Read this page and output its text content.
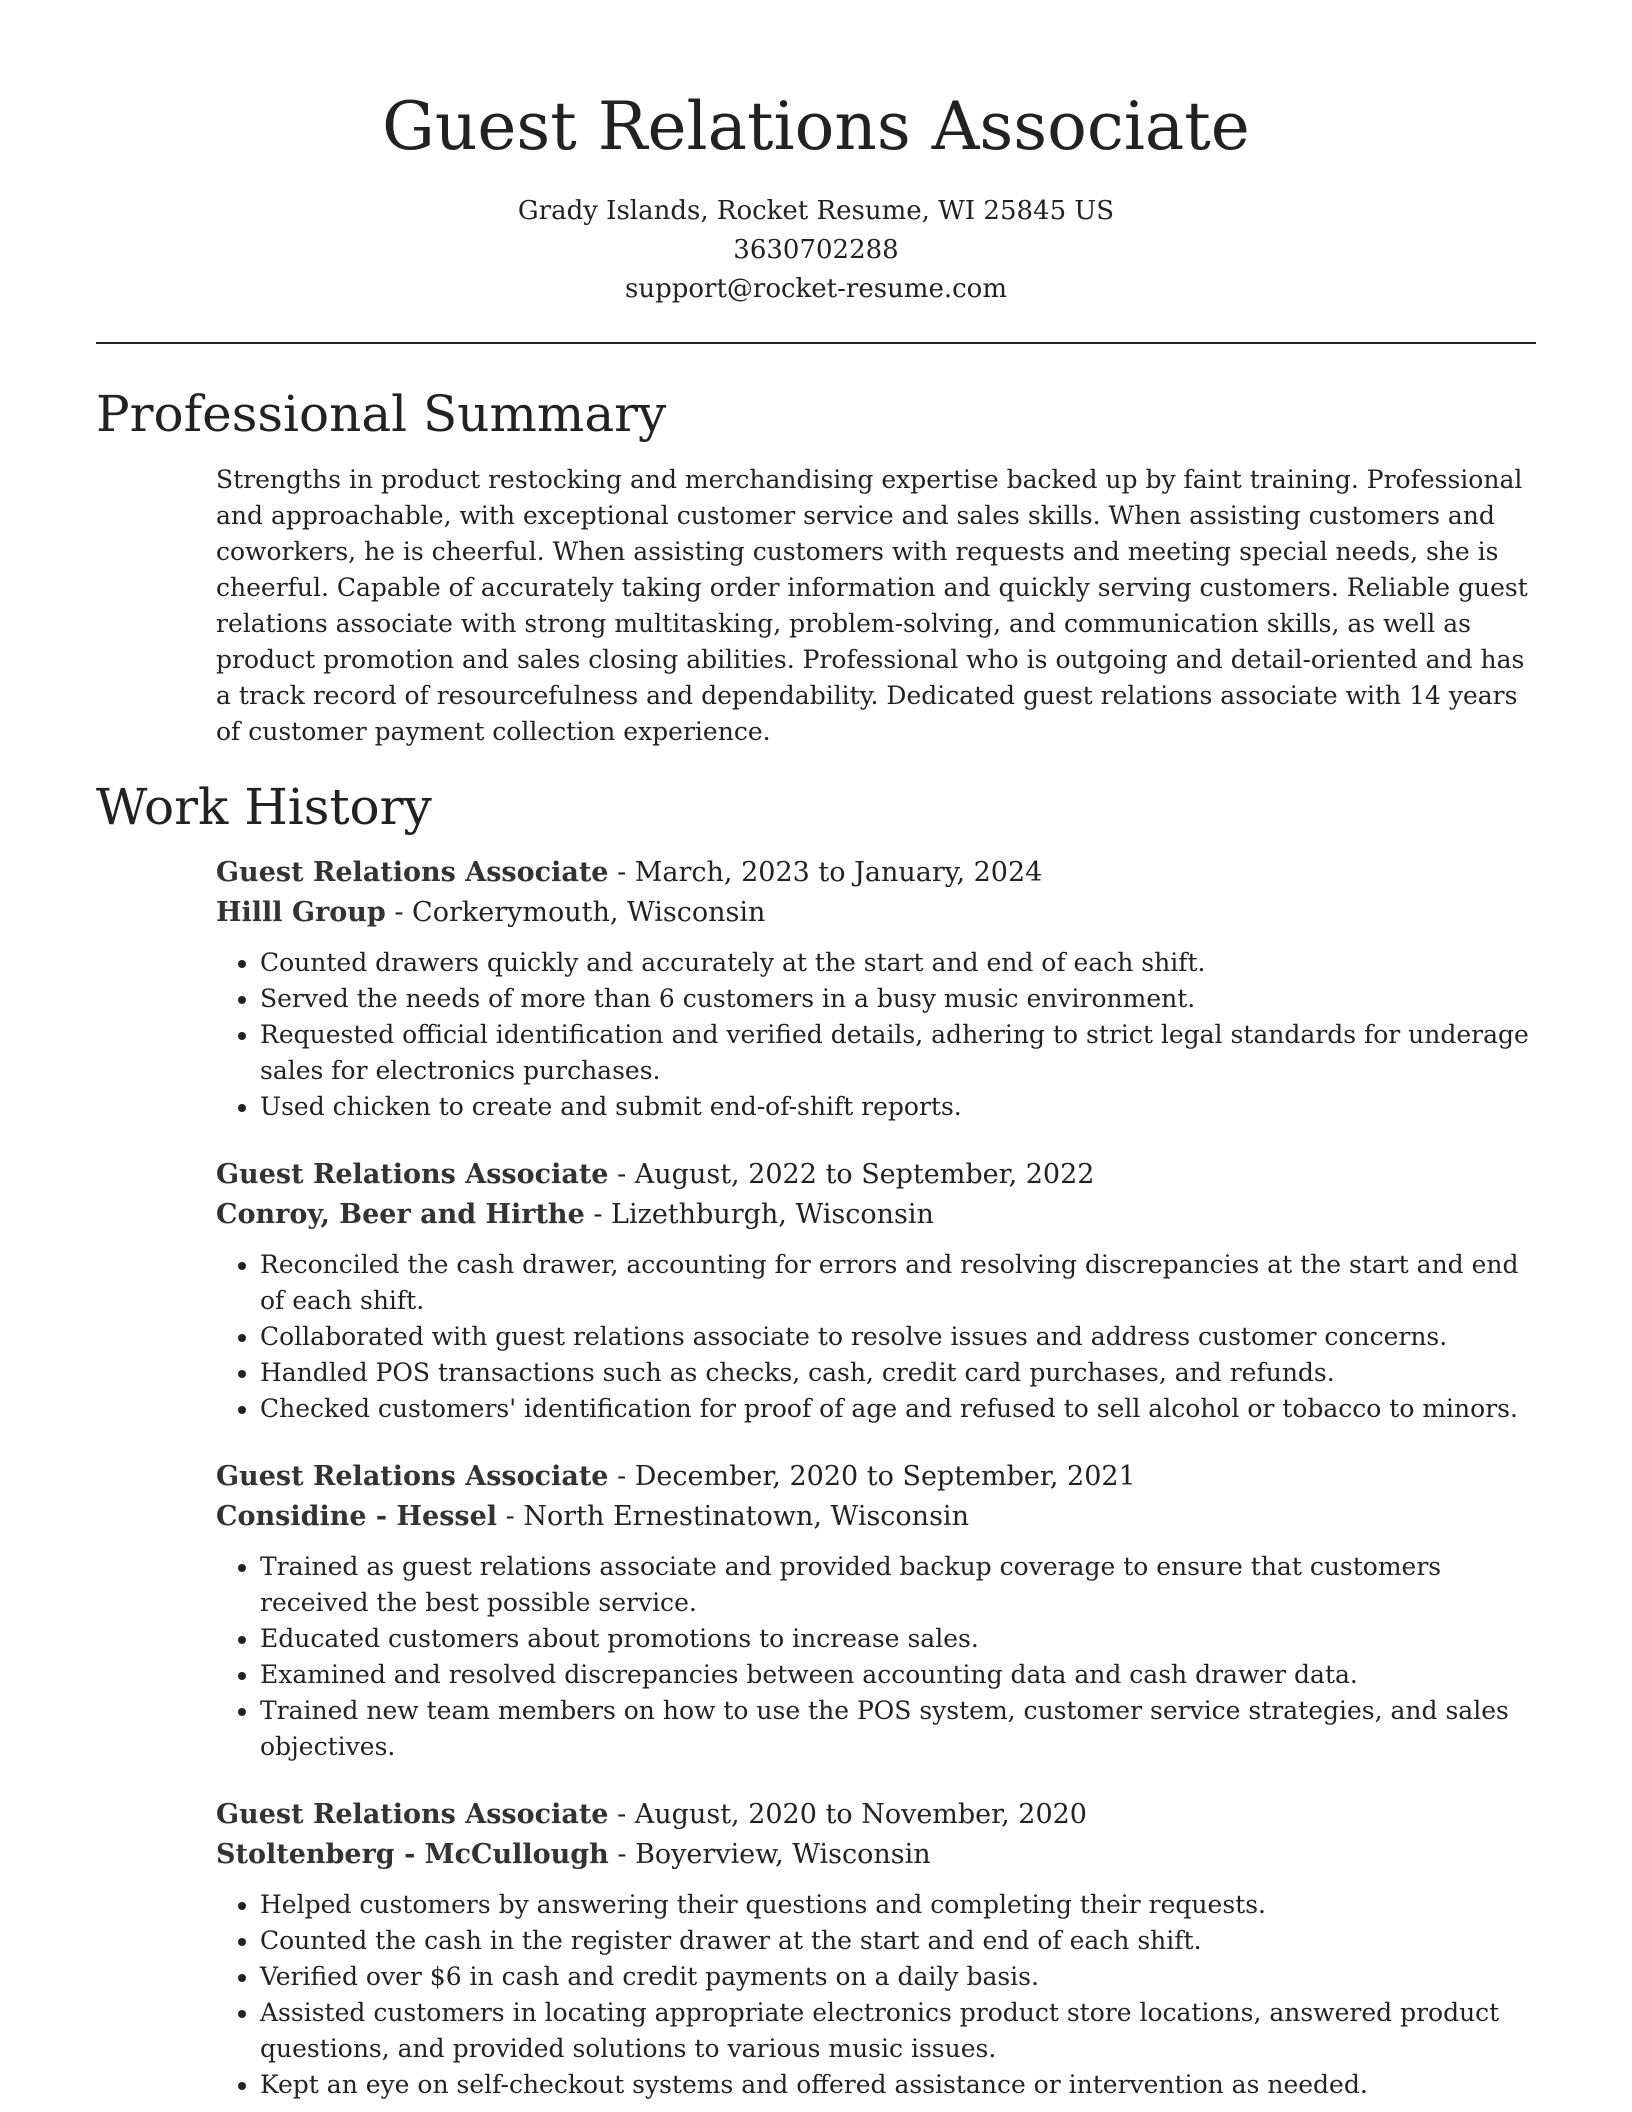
Guest Relations Associate
Grady Islands, Rocket Resume, WI 25845 US
3630702288
support@rocket-resume.com
Professional Summary

Strengths in product restocking and merchandising expertise backed up by faint training. Professional and approachable, with exceptional customer service and sales skills. When assisting customers and coworkers, he is cheerful. When assisting customers with requests and meeting special needs, she is cheerful. Capable of accurately taking order information and quickly serving customers. Reliable guest relations associate with strong multitasking, problem-solving, and communication skills, as well as product promotion and sales closing abilities. Professional who is outgoing and detail-oriented and has a track record of resourcefulness and dependability. Dedicated guest relations associate with 14 years of customer payment collection experience.

Work History
Guest Relations Associate - March, 2023 to January, 2024
Hilll Group - Corkerymouth, Wisconsin
• Counted drawers quickly and accurately at the start and end of each shift.
• Served the needs of more than 6 customers in a busy music environment.
• Requested official identification and verified details, adhering to strict legal standards for underage sales for electronics purchases.
• Used chicken to create and submit end-of-shift reports.
Guest Relations Associate - August, 2022 to September, 2022
Conroy, Beer and Hirthe - Lizethburgh, Wisconsin
• Reconciled the cash drawer, accounting for errors and resolving discrepancies at the start and end of each shift.
• Collaborated with guest relations associate to resolve issues and address customer concerns.
• Handled POS transactions such as checks, cash, credit card purchases, and refunds.
• Checked customers' identification for proof of age and refused to sell alcohol or tobacco to minors.
Guest Relations Associate - December, 2020 to September, 2021
Considine - Hessel - North Ernestinatown, Wisconsin
• Trained as guest relations associate and provided backup coverage to ensure that customers received the best possible service.
• Educated customers about promotions to increase sales.
• Examined and resolved discrepancies between accounting data and cash drawer data.
• Trained new team members on how to use the POS system, customer service strategies, and sales objectives.
Guest Relations Associate - August, 2020 to November, 2020
Stoltenberg - McCullough - Boyerview, Wisconsin
• Helped customers by answering their questions and completing their requests.
• Counted the cash in the register drawer at the start and end of each shift.
• Verified over $6 in cash and credit payments on a daily basis.
• Assisted customers in locating appropriate electronics product store locations, answered product questions, and provided solutions to various music issues.
• Kept an eye on self-checkout systems and offered assistance or intervention as needed.
